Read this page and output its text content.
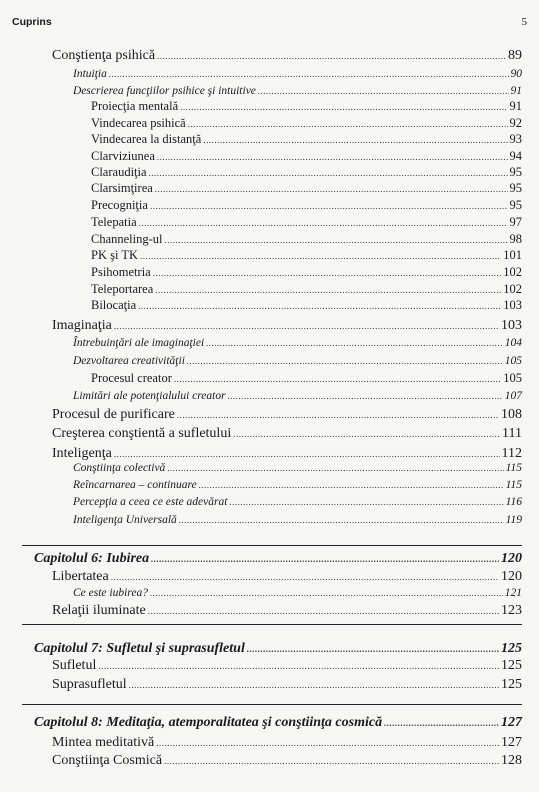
Cuprins	5
Conştienţa psihică .....	89
Intuiţia .....	90
Descrierea funcţiilor psihice şi intuitive .....	91
Proiecţia mentală .....	91
Vindecarea psihică .....	92
Vindecarea la distanţă .....	93
Clarviziunea .....	94
Claraudiţia .....	95
Clarsimţirea .....	95
Precogniţia .....	95
Telepatia .....	97
Channeling-ul .....	98
PK şi TK .....	101
Psihometria .....	102
Teleportarea .....	102
Bilocaţia .....	103
Imaginaţia .....	103
Întrebuinţări ale imaginaţiei .....	104
Dezvoltarea creativităţii .....	105
Procesul creator .....	105
Limitări ale potenţialului creator .....	107
Procesul de purificare .....	108
Creşterea conştientă a sufletului .....	111
Inteligenţa .....	112
Conştiinţa colectivă .....	115
Reîncarnarea – continuare .....	115
Percepţia a ceea ce este adevărat .....	116
Inteligenţa Universală .....	119
Capitolul 6: Iubirea .....	120
Libertatea .....	120
Ce este iubirea? .....	121
Relaţii iluminate .....	123
Capitolul 7: Sufletul şi suprasufletul .....	125
Sufletul .....	125
Suprasufletul .....	125
Capitolul 8: Meditaţia, atemporalitatea şi conştiinţa cosmică .....	127
Mintea meditativă .....	127
Conştiinţa Cosmică .....	128
